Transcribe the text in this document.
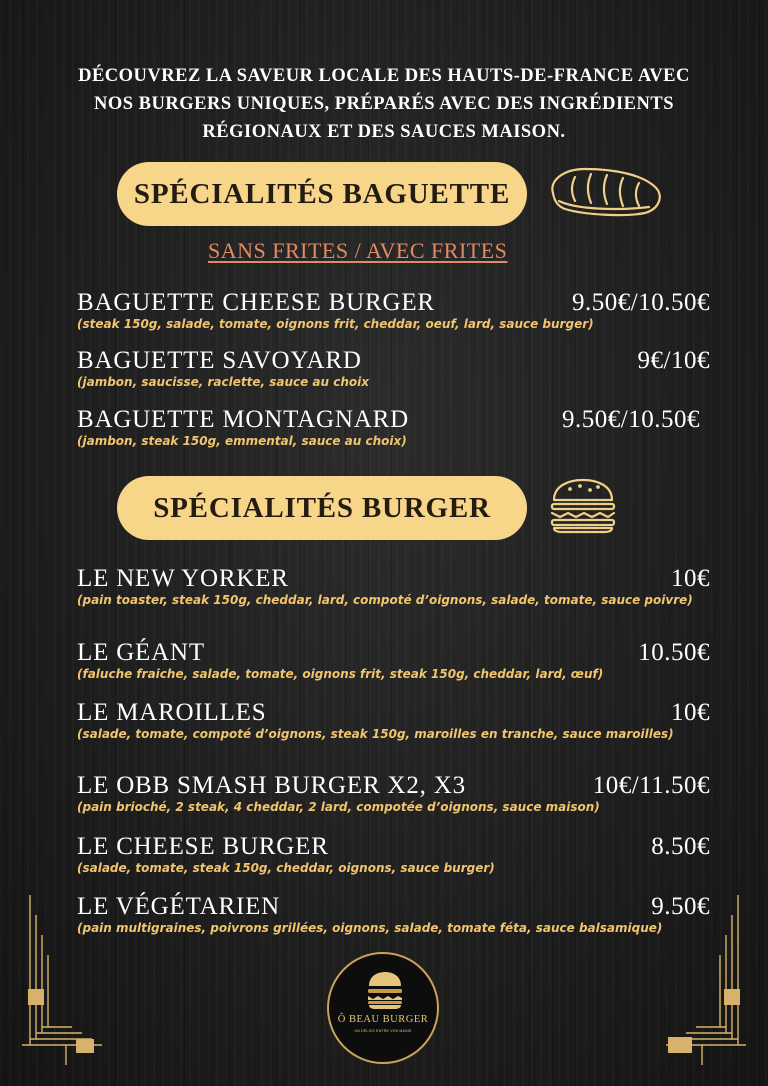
DÉCOUVREZ LA SAVEUR LOCALE DES HAUTS-DE-FRANCE AVEC NOS BURGERS UNIQUES, PRÉPARÉS AVEC DES INGRÉDIENTS RÉGIONAUX ET DES SAUCES MAISON.
SPÉCIALITÉS BAGUETTE
SANS FRITES / AVEC FRITES
BAGUETTE CHEESE BURGER	9.50€/10.50€
(steak 150g, salade, tomate, oignons frit, cheddar, oeuf, lard, sauce burger)
BAGUETTE SAVOYARD	9€/10€
(jambon, saucisse, raclette, sauce au choix
BAGUETTE MONTAGNARD	9.50€/10.50€
(jambon, steak 150g, emmental, sauce au choix)
SPÉCIALITÉS BURGER
LE NEW YORKER	10€
(pain toaster, steak 150g, cheddar, lard, compoté d’oignons, salade, tomate, sauce poivre)
LE GÉANT	10.50€
(faluche fraiche, salade, tomate, oignons frit, steak 150g, cheddar, lard, œuf)
LE MAROILLES	10€
(salade, tomate, compoté d’oignons, steak 150g, maroilles en tranche, sauce maroilles)
LE OBB SMASH BURGER X2, X3	10€/11.50€
(pain brioché, 2 steak, 4 cheddar, 2 lard, compotée d’oignons, sauce maison)
LE CHEESE BURGER	8.50€
(salade, tomate, steak 150g, cheddar, oignons, sauce burger)
LE VÉGÉTARIEN	9.50€
(pain multigraines, poivrons grillées, oignons, salade, tomate féta, sauce balsamique)
Ô BEAU BURGER
UN DÉLICE ENTRE VOS MAINS
